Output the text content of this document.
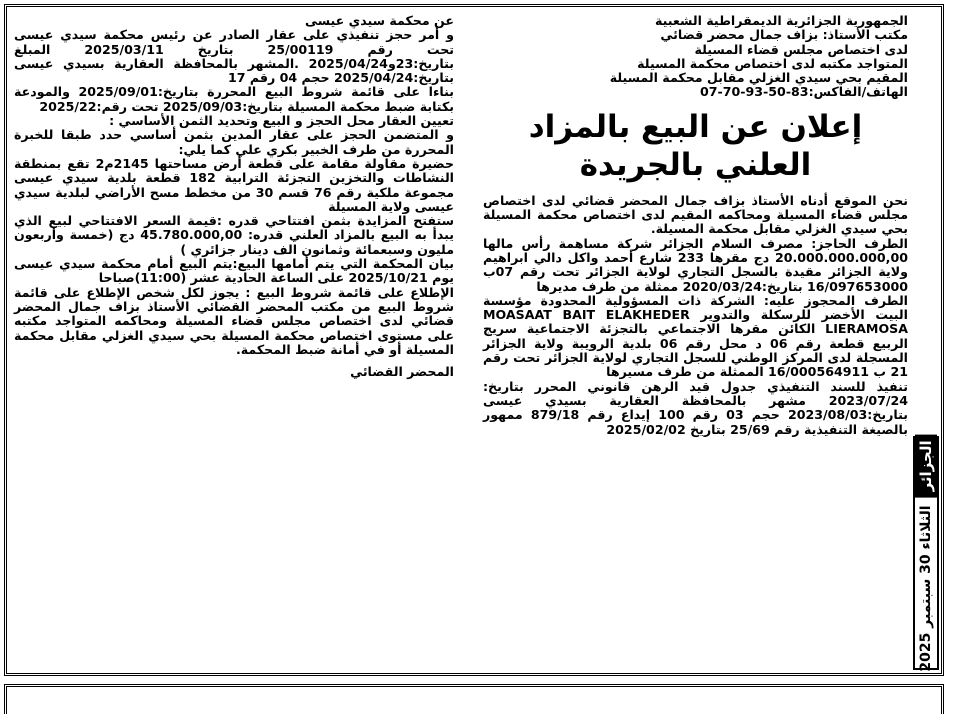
الجمهورية الجزائرية الديمقراطية الشعبية

مكتب الأستاذ: بزاف جمال محضر قضائي

لدى اختصاص مجلس قضاء المسيلة

المتواجد مكتبه لدى اختصاص محكمة المسيلة

المقيم بحي سيدي الغزلي مقابل محكمة المسيلة

الهاتف/الفاكس:83-50-93-70-07

إعلان عن البيع بالمزاد العلني بالجريدة

نحن الموقع أدناه الأستاذ بزاف جمال المحضر قضائي لدى اختصاص مجلس قضاء المسيلة ومحاكمه المقيم لدى اختصاص محكمة المسيلة بحي سيدي الغزلي مقابل محكمة المسيلة.

الطرف الحاجز: مصرف السلام الجزائر شركة مساهمة رأس مالها 20.000.000.000,00 دج مقرها 233 شارع أحمد واكل دالي ابراهيم ولاية الجزائر مقيدة بالسجل التجاري لولاية الجزائر تحت رقم 07ب 16/097653000 بتاريخ:2020/03/24 ممثلة من طرف مديرها

الطرف المحجوز عليه: الشركة ذات المسؤولية المحدودة مؤسسة البيت الأخضر للرسكلة والتدوير MOASAAT BAIT ELAKHEDER LIERAMOSA الكائن مقرها الاجتماعي بالتجزئة الاجتماعية سريج الربيع قطعة رقم 06 د محل رقم 06 بلدية الرويبة ولاية الجزائر المسجلة لدى المركز الوطني للسجل التجاري لولاية الجزائر تحت رقم 21 ب 16/000564911 الممثلة من طرف مسيرها

تنفيذ للسند التنفيذي جدول قيد الرهن قانوني المحرر بتاريخ: 2023/07/24 مشهر بالمحافظة العقارية بسيدي عيسى بتاريخ:2023/08/03 حجم 03 رقم 100 إيداع رقم 879/18 ممهور بالصيغة التنفيذية رقم 25/69 بتاريخ 2025/02/02

عن محكمة سيدي عيسى

و أمر حجز تنفيذي على عقار الصادر عن رئيس محكمة سيدي عيسى تحت رقم 25/00119 بتاريخ 2025/03/11 المبلغ بتاريخ:23و2025/04/24 .المشهر بالمحافظة العقارية بسيدي عيسى بتاريخ:2025/04/24 حجم 04 رقم 17

بناءا على قائمة شروط البيع المحررة بتاريخ:2025/09/01 والمودعة بكتابة ضبط محكمة المسيلة بتاريخ:2025/09/03 تحت رقم:2025/22

تعيين العقار محل الحجز و البيع وتحديد الثمن الأساسي :

و المتضمن الحجز على عقار المدين بثمن أساسي حدد طبقا للخبرة المحررة من طرف الخبير بكري علي كما يلي:

حضيرة مقاولة مقامة على قطعة أرض مساحتها 2145م2 تقع بمنطقة النشاطات والتخزين التجزئة الترابية 182 قطعة بلدية سيدي عيسى مجموعة ملكية رقم 76 قسم 30 من مخطط مسح الأراضي لبلدية سيدي عيسى ولاية المسيلة

ستفتح المزايدة بثمن افتتاحي قدره :قيمة السعر الافتتاحي لبيع الذي يبدأ به البيع بالمزاد العلني قدره: 45.780.000,00 دج (خمسة وأربعون مليون وسبعمائة وثمانون الف دينار جزائري )

بيان المحكمة التي يتم أمامها البيع:يتم البيع أمام محكمة سيدي عيسى يوم 2025/10/21 على الساعة الحادية عشر (11:00)صباحا

الإطلاع على قائمة شروط البيع : يجوز لكل شخص الإطلاع على قائمة شروط البيع من مكتب المحضر القضائي الأستاذ بزاف جمال المحضر قضائي لدى اختصاص مجلس قضاء المسيلة ومحاكمه المتواجد مكتبه على مستوى اختصاص محكمة المسيلة بحي سيدي الغزلي مقابل محكمة المسيلة أو في أمانة ضبط المحكمة.

المحضر القضائي

الجزائر
الثلاثاء 30 سبتمبر 2025
